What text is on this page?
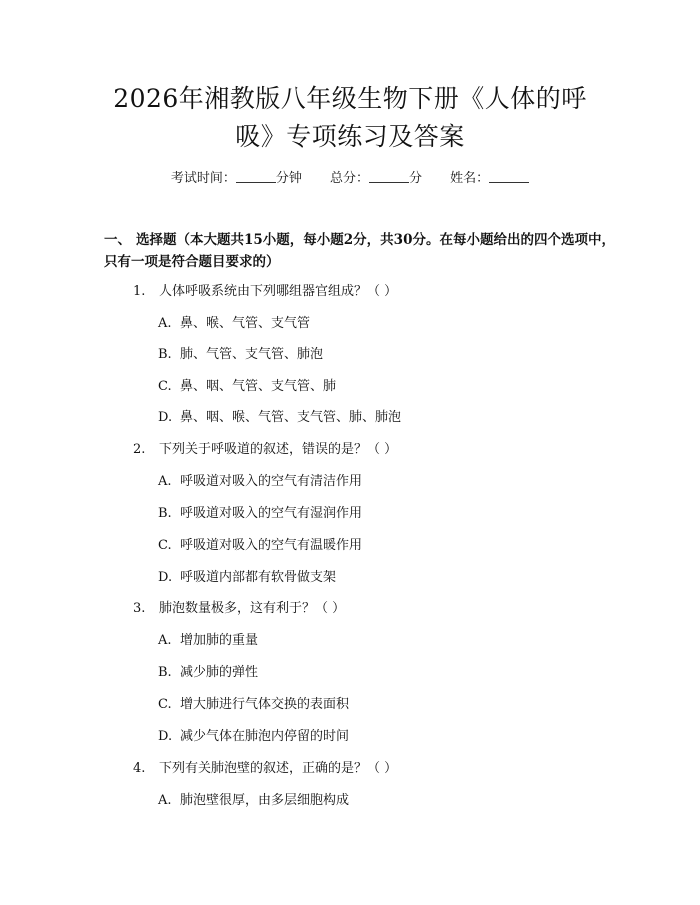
2026年湘教版八年级生物下册《人体的呼
吸》专项练习及答案
考试时间：	分钟 总分：	分 姓名：
一、 选择题（本大题共15小题，每小题2分，共30分。在每小题给出的四个选项中，只有一项是符合题目要求的）
1. 人体呼吸系统由下列哪组器官组成？（ ）
A. 鼻、喉、气管、支气管
B. 肺、气管、支气管、肺泡
C. 鼻、咽、气管、支气管、肺
D. 鼻、咽、喉、气管、支气管、肺、肺泡
2. 下列关于呼吸道的叙述，错误的是？（ ）
A. 呼吸道对吸入的空气有清洁作用
B. 呼吸道对吸入的空气有湿润作用
C. 呼吸道对吸入的空气有温暖作用
D. 呼吸道内部都有软骨做支架
3. 肺泡数量极多，这有利于？（ ）
A. 增加肺的重量
B. 减少肺的弹性
C. 增大肺进行气体交换的表面积
D. 减少气体在肺泡内停留的时间
4. 下列有关肺泡壁的叙述，正确的是？（ ）
A. 肺泡壁很厚，由多层细胞构成
